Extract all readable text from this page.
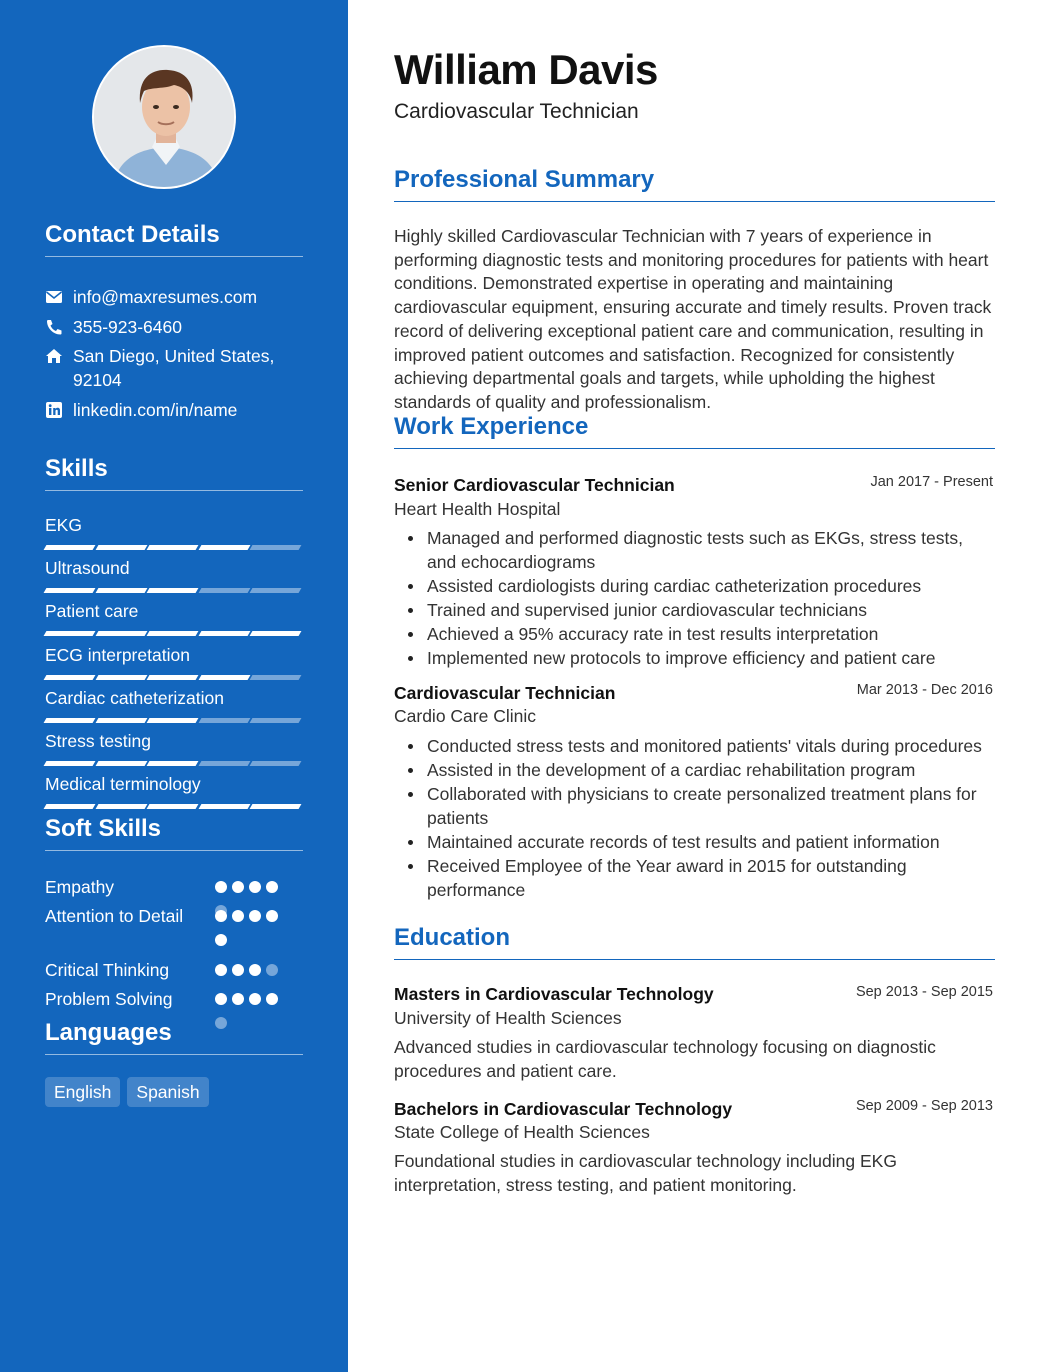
Contact Details
info@maxresumes.com
355-923-6460
San Diego, United States, 92104
linkedin.com/in/name
Skills
EKG
Ultrasound
Patient care
ECG interpretation
Cardiac catheterization
Stress testing
Medical terminology
Soft Skills
Empathy
Attention to Detail
Critical Thinking
Problem Solving
Languages
English	Spanish
William Davis
Cardiovascular Technician
Professional Summary

Highly skilled Cardiovascular Technician with 7 years of experience in performing diagnostic tests and monitoring procedures for patients with heart conditions. Demonstrated expertise in operating and maintaining cardiovascular equipment, ensuring accurate and timely results. Proven track record of delivering exceptional patient care and communication, resulting in improved patient outcomes and satisfaction. Recognized for consistently achieving departmental goals and targets, while upholding the highest standards of quality and professionalism.

Work Experience
Senior Cardiovascular Technician	Jan 2017 - Present
Heart Health Hospital
Managed and performed diagnostic tests such as EKGs, stress tests, and echocardiograms
Assisted cardiologists during cardiac catheterization procedures
Trained and supervised junior cardiovascular technicians
Achieved a 95% accuracy rate in test results interpretation
Implemented new protocols to improve efficiency and patient care
Cardiovascular Technician	Mar 2013 - Dec 2016
Cardio Care Clinic
Conducted stress tests and monitored patients' vitals during procedures
Assisted in the development of a cardiac rehabilitation program
Collaborated with physicians to create personalized treatment plans for patients
Maintained accurate records of test results and patient information
Received Employee of the Year award in 2015 for outstanding performance
Education
Masters in Cardiovascular Technology	Sep 2013 - Sep 2015
University of Health Sciences

Advanced studies in cardiovascular technology focusing on diagnostic procedures and patient care.

Bachelors in Cardiovascular Technology	Sep 2009 - Sep 2013
State College of Health Sciences

Foundational studies in cardiovascular technology including EKG interpretation, stress testing, and patient monitoring.
